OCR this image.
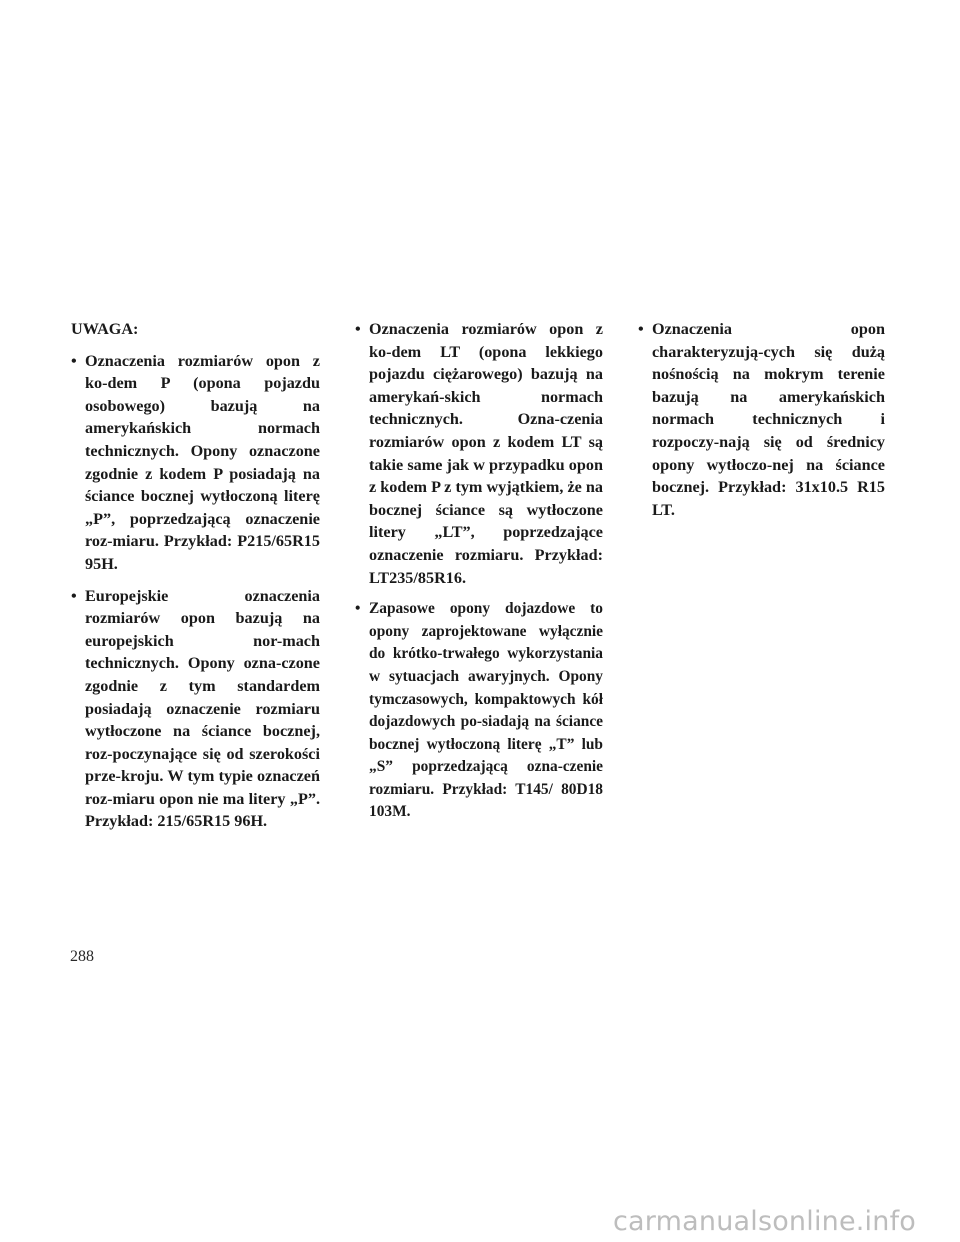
UWAGA:

• Oznaczenia rozmiarów opon z ko-dem P (opona pojazdu osobowego) bazują na amerykańskich normach technicznych. Opony oznaczone zgodnie z kodem P posiadają na ściance bocznej wytłoczoną literę „P”, poprzedzającą oznaczenie roz-miaru. Przykład: P215/65R15 95H.
• Europejskie oznaczenia rozmiarów opon bazują na europejskich nor-mach technicznych. Opony ozna-czone zgodnie z tym standardem posiadają oznaczenie rozmiaru wytłoczone na ściance bocznej, roz-poczynające się od szerokości prze-kroju. W tym typie oznaczeń roz-miaru opon nie ma litery „P”. Przykład: 215/65R15 96H.
• Oznaczenia rozmiarów opon z ko-dem LT (opona lekkiego pojazdu ciężarowego) bazują na amerykań-skich normach technicznych. Ozna-czenia rozmiarów opon z kodem LT są takie same jak w przypadku opon z kodem P z tym wyjątkiem, że na bocznej ściance są wytłoczone litery „LT”, poprzedzające oznaczenie rozmiaru. Przykład: LT235/85R16.
• Zapasowe opony dojazdowe to opony zaprojektowane wyłącznie do krótko-trwałego wykorzystania w sytuacjach awaryjnych. Opony tymczasowych, kompaktowych kół dojazdowych po-siadają na ściance bocznej wytłoczoną literę „T” lub „S” poprzedzającą ozna-czenie rozmiaru. Przykład: T145/ 80D18 103M.
• Oznaczenia opon charakteryzują-cych się dużą nośnością na mokrym terenie bazują na amerykańskich normach technicznych i rozpoczy-nają się od średnicy opony wytłoczo-nej na ściance bocznej. Przykład: 31x10.5 R15 LT.
288
carmanualsonline.info
